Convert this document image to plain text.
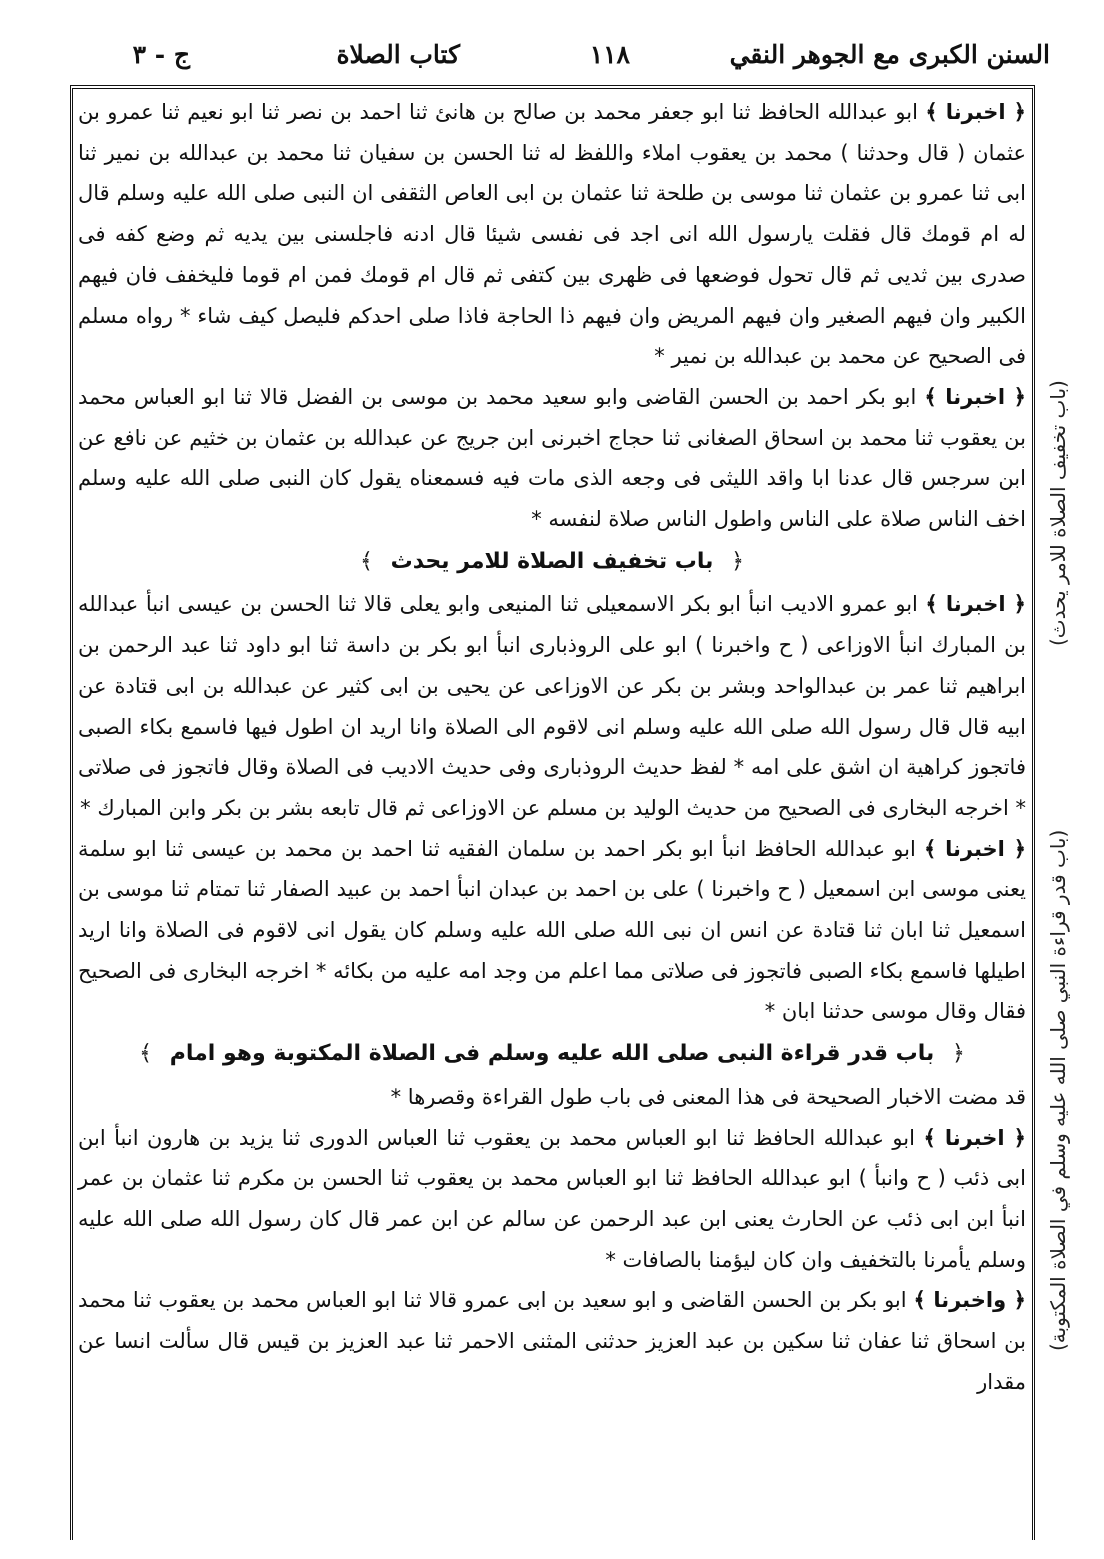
السنن الكبرى مع الجوهر النقي
١١٨
كتاب الصلاة
ج - ٣
(باب تخفيف الصلاة للامر يحدث)
(باب قدر قراءة النبي صلى الله عليه وسلم في الصلاة المكتوبة)

﴿ اخبرنا ﴾ ابو عبدالله الحافظ ثنا ابو جعفر محمد بن صالح بن هانئ ثنا احمد بن نصر ثنا ابو نعيم ثنا عمرو بن عثمان ( قال وحدثنا ) محمد بن يعقوب املاء واللفظ له ثنا الحسن بن سفيان ثنا محمد بن عبدالله بن نمير ثنا ابى ثنا عمرو بن عثمان ثنا موسى بن طلحة ثنا عثمان بن ابى العاص الثقفى ان النبى صلى الله عليه وسلم قال له ام قومك قال فقلت يارسول الله انى اجد فى نفسى شيئا قال ادنه فاجلسنى بين يديه ثم وضع كفه فى صدرى بين ثديى ثم قال تحول فوضعها فى ظهرى بين كتفى ثم قال ام قومك فمن ام قوما فليخفف فان فيهم الكبير وان فيهم الصغير وان فيهم المريض وان فيهم ذا الحاجة فاذا صلى احدكم فليصل كيف شاء * رواه مسلم فى الصحيح عن محمد بن عبدالله بن نمير *

﴿ اخبرنا ﴾ ابو بكر احمد بن الحسن القاضى وابو سعيد محمد بن موسى بن الفضل قالا ثنا ابو العباس محمد بن يعقوب ثنا محمد بن اسحاق الصغانى ثنا حجاج اخبرنى ابن جريج عن عبدالله بن عثمان بن خثيم عن نافع عن ابن سرجس قال عدنا ابا واقد الليثى فى وجعه الذى مات فيه فسمعناه يقول كان النبى صلى الله عليه وسلم اخف الناس صلاة على الناس واطول الناس صلاة لنفسه *

﴿ باب تخفيف الصلاة للامر يحدث ﴾

﴿ اخبرنا ﴾ ابو عمرو الاديب انبأ ابو بكر الاسمعيلى ثنا المنيعى وابو يعلى قالا ثنا الحسن بن عيسى انبأ عبدالله بن المبارك انبأ الاوزاعى ( ح واخبرنا ) ابو على الروذبارى انبأ ابو بكر بن داسة ثنا ابو داود ثنا عبد الرحمن بن ابراهيم ثنا عمر بن عبدالواحد وبشر بن بكر عن الاوزاعى عن يحيى بن ابى كثير عن عبدالله بن ابى قتادة عن ابيه قال قال رسول الله صلى الله عليه وسلم انى لاقوم الى الصلاة وانا اريد ان اطول فيها فاسمع بكاء الصبى فاتجوز كراهية ان اشق على امه * لفظ حديث الروذبارى وفى حديث الاديب فى الصلاة وقال فاتجوز فى صلاتى * اخرجه البخارى فى الصحيح من حديث الوليد بن مسلم عن الاوزاعى ثم قال تابعه بشر بن بكر وابن المبارك *

﴿ اخبرنا ﴾ ابو عبدالله الحافظ انبأ ابو بكر احمد بن سلمان الفقيه ثنا احمد بن محمد بن عيسى ثنا ابو سلمة يعنى موسى ابن اسمعيل ( ح واخبرنا ) على بن احمد بن عبدان انبأ احمد بن عبيد الصفار ثنا تمتام ثنا موسى بن اسمعيل ثنا ابان ثنا قتادة عن انس ان نبى الله صلى الله عليه وسلم كان يقول انى لاقوم فى الصلاة وانا اريد اطيلها فاسمع بكاء الصبى فاتجوز فى صلاتى مما اعلم من وجد امه عليه من بكائه * اخرجه البخارى فى الصحيح فقال وقال موسى حدثنا ابان *

﴿ باب قدر قراءة النبى صلى الله عليه وسلم فى الصلاة المكتوبة وهو امام ﴾

قد مضت الاخبار الصحيحة فى هذا المعنى فى باب طول القراءة وقصرها *

﴿ اخبرنا ﴾ ابو عبدالله الحافظ ثنا ابو العباس محمد بن يعقوب ثنا العباس الدورى ثنا يزيد بن هارون انبأ ابن ابى ذئب ( ح وانبأ ) ابو عبدالله الحافظ ثنا ابو العباس محمد بن يعقوب ثنا الحسن بن مكرم ثنا عثمان بن عمر انبأ ابن ابى ذئب عن الحارث يعنى ابن عبد الرحمن عن سالم عن ابن عمر قال كان رسول الله صلى الله عليه وسلم يأمرنا بالتخفيف وان كان ليؤمنا بالصافات *

﴿ واخبرنا ﴾ ابو بكر بن الحسن القاضى و ابو سعيد بن ابى عمرو قالا ثنا ابو العباس محمد بن يعقوب ثنا محمد بن اسحاق ثنا عفان ثنا سكين بن عبد العزيز حدثنى المثنى الاحمر ثنا عبد العزيز بن قيس قال سألت انسا عن مقدار
